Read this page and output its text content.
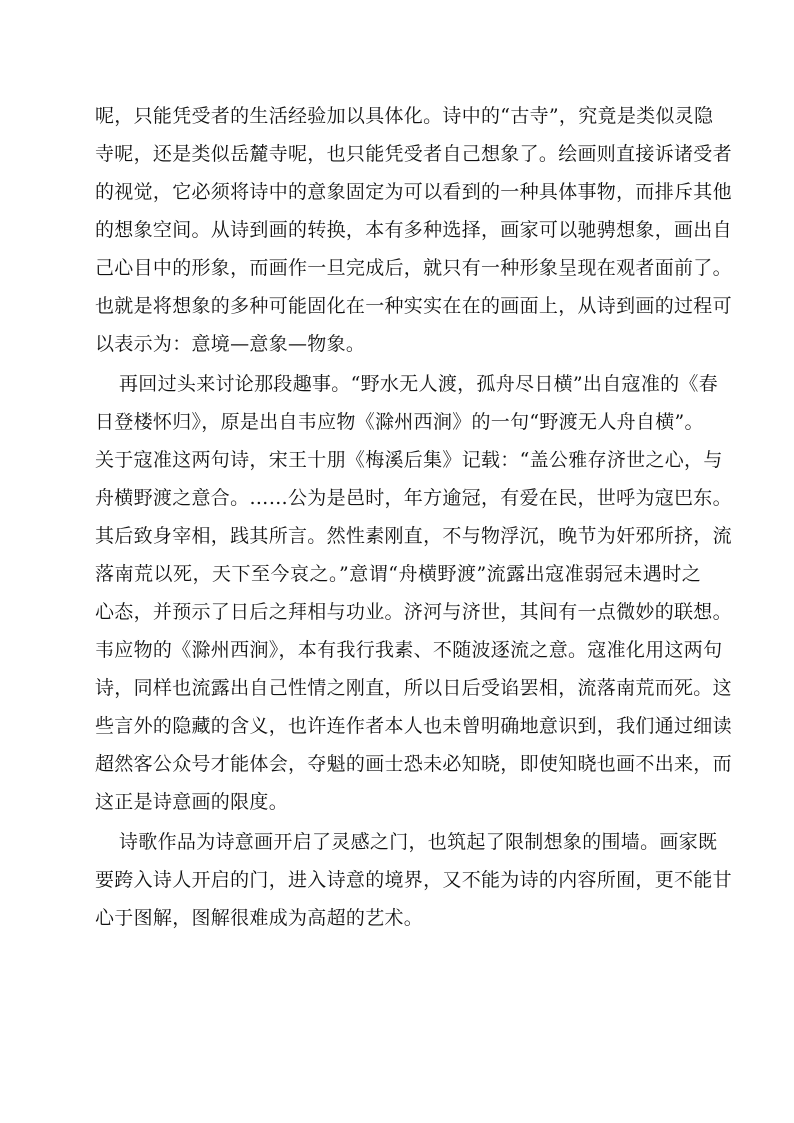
呢，只能凭受者的生活经验加以具体化。诗中的“古寺”，究竟是类似灵隐
寺呢，还是类似岳麓寺呢，也只能凭受者自己想象了。绘画则直接诉诸受者
的视觉，它必须将诗中的意象固定为可以看到的一种具体事物，而排斥其他
的想象空间。从诗到画的转换，本有多种选择，画家可以驰骋想象，画出自
己心目中的形象，而画作一旦完成后，就只有一种形象呈现在观者面前了。
也就是将想象的多种可能固化在一种实实在在的画面上，从诗到画的过程可
以表示为：意境—意象—物象。
再回过头来讨论那段趣事。“野水无人渡，孤舟尽日横”出自寇准的《春
日登楼怀归》，原是出自韦应物《滁州西涧》的一句“野渡无人舟自横”。
关于寇准这两句诗，宋王十朋《梅溪后集》记载：“盖公雅存济世之心，与
舟横野渡之意合。……公为是邑时，年方逾冠，有爱在民，世呼为寇巴东。
其后致身宰相，践其所言。然性素刚直，不与物浮沉，晚节为奸邪所挤，流
落南荒以死，天下至今哀之。”意谓“舟横野渡”流露出寇准弱冠未遇时之
心态，并预示了日后之拜相与功业。济河与济世，其间有一点微妙的联想。
韦应物的《滁州西涧》，本有我行我素、不随波逐流之意。寇准化用这两句
诗，同样也流露出自己性情之刚直，所以日后受谄罢相，流落南荒而死。这
些言外的隐藏的含义，也许连作者本人也未曾明确地意识到，我们通过细读
超然客公众号才能体会，夺魁的画士恐未必知晓，即使知晓也画不出来，而
这正是诗意画的限度。
诗歌作品为诗意画开启了灵感之门，也筑起了限制想象的围墙。画家既
要跨入诗人开启的门，进入诗意的境界，又不能为诗的内容所囿，更不能甘
心于图解，图解很难成为高超的艺术。
